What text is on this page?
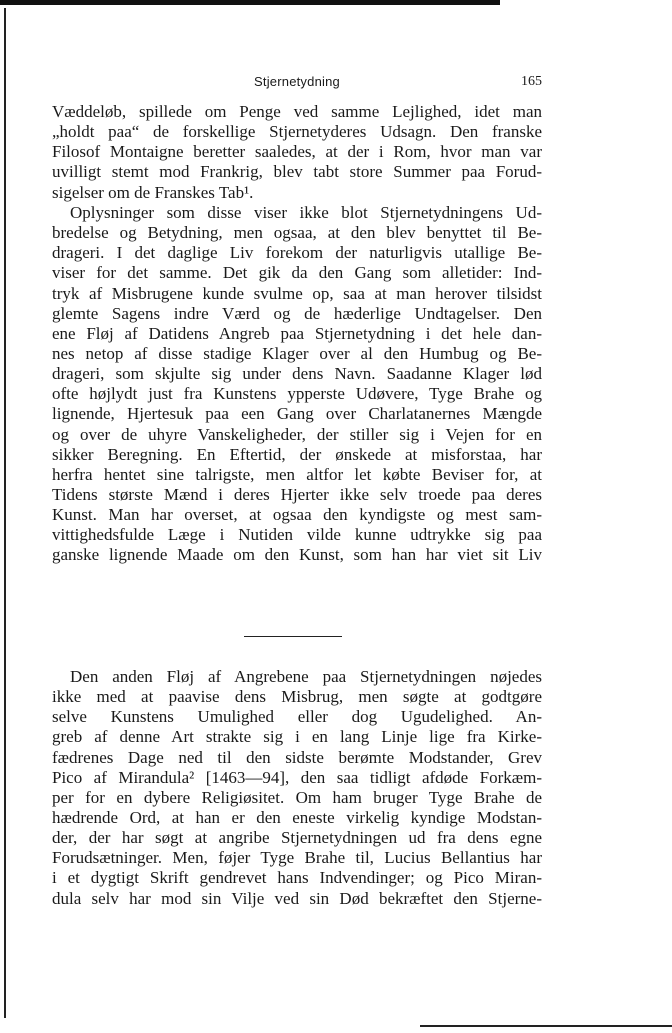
Stjernetydning	165
Væddeløb, spillede om Penge ved samme Lejlighed, idet man
„holdt paa“ de forskellige Stjernetyderes Udsagn. Den franske
Filosof Montaigne beretter saaledes, at der i Rom, hvor man var
uvilligt stemt mod Frankrig, blev tabt store Summer paa Forud-
sigelser om de Franskes Tab¹.
Oplysninger som disse viser ikke blot Stjernetydningens Ud-
bredelse og Betydning, men ogsaa, at den blev benyttet til Be-
drageri. I det daglige Liv forekom der naturligvis utallige Be-
viser for det samme. Det gik da den Gang som alletider: Ind-
tryk af Misbrugene kunde svulme op, saa at man herover tilsidst
glemte Sagens indre Værd og de hæderlige Undtagelser. Den
ene Fløj af Datidens Angreb paa Stjernetydning i det hele dan-
nes netop af disse stadige Klager over al den Humbug og Be-
drageri, som skjulte sig under dens Navn. Saadanne Klager lød
ofte højlydt just fra Kunstens ypperste Udøvere, Tyge Brahe og
lignende, Hjertesuk paa een Gang over Charlatanernes Mængde
og over de uhyre Vanskeligheder, der stiller sig i Vejen for en
sikker Beregning. En Eftertid, der ønskede at misforstaa, har
herfra hentet sine talrigste, men altfor let købte Beviser for, at
Tidens største Mænd i deres Hjerter ikke selv troede paa deres
Kunst. Man har overset, at ogsaa den kyndigste og mest sam-
vittighedsfulde Læge i Nutiden vilde kunne udtrykke sig paa
ganske lignende Maade om den Kunst, som han har viet sit Liv
Den anden Fløj af Angrebene paa Stjernetydningen nøjedes
ikke med at paavise dens Misbrug, men søgte at godtgøre
selve Kunstens Umulighed eller dog Ugudelighed. An-
greb af denne Art strakte sig i en lang Linje lige fra Kirke-
fædrenes Dage ned til den sidste berømte Modstander, Grev
Pico af Mirandula² [1463—94], den saa tidligt afdøde Forkæm-
per for en dybere Religiøsitet. Om ham bruger Tyge Brahe de
hædrende Ord, at han er den eneste virkelig kyndige Modstan-
der, der har søgt at angribe Stjernetydningen ud fra dens egne
Forudsætninger. Men, føjer Tyge Brahe til, Lucius Bellantius har
i et dygtigt Skrift gendrevet hans Indvendinger; og Pico Miran-
dula selv har mod sin Vilje ved sin Død bekræftet den Stjerne-
